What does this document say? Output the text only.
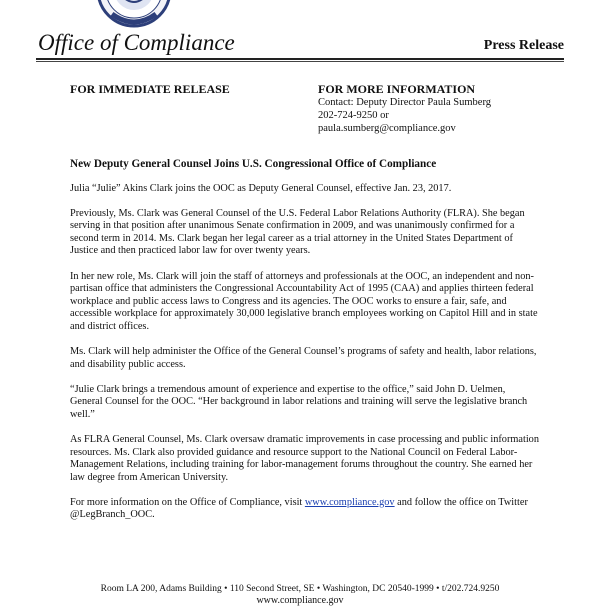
Office of Compliance	Press Release
FOR IMMEDIATE RELEASE	FOR MORE INFORMATION
Contact: Deputy Director Paula Sumberg
202-724-9250 or
paula.sumberg@compliance.gov
New Deputy General Counsel Joins U.S. Congressional Office of Compliance

Julia “Julie” Akins Clark joins the OOC as Deputy General Counsel, effective Jan. 23, 2017.

Previously, Ms. Clark was General Counsel of the U.S. Federal Labor Relations Authority (FLRA). She began serving in that position after unanimous Senate confirmation in 2009, and was unanimously confirmed for a second term in 2014. Ms. Clark began her legal career as a trial attorney in the United States Department of Justice and then practiced labor law for over twenty years.

In her new role, Ms. Clark will join the staff of attorneys and professionals at the OOC, an independent and non-partisan office that administers the Congressional Accountability Act of 1995 (CAA) and applies thirteen federal workplace and public access laws to Congress and its agencies. The OOC works to ensure a fair, safe, and accessible workplace for approximately 30,000 legislative branch employees working on Capitol Hill and in state and district offices.

Ms. Clark will help administer the Office of the General Counsel’s programs of safety and health, labor relations, and disability public access.

“Julie Clark brings a tremendous amount of experience and expertise to the office,” said John D. Uelmen, General Counsel for the OOC. “Her background in labor relations and training will serve the legislative branch well.”

As FLRA General Counsel, Ms. Clark oversaw dramatic improvements in case processing and public information resources. Ms. Clark also provided guidance and resource support to the National Council on Federal Labor-Management Relations, including training for labor-management forums throughout the country. She earned her law degree from American University.

For more information on the Office of Compliance, visit www.compliance.gov and follow the office on Twitter @LegBranch_OOC.

Room LA 200, Adams Building • 110 Second Street, SE • Washington, DC 20540-1999 • t/202.724.9250
www.compliance.gov
